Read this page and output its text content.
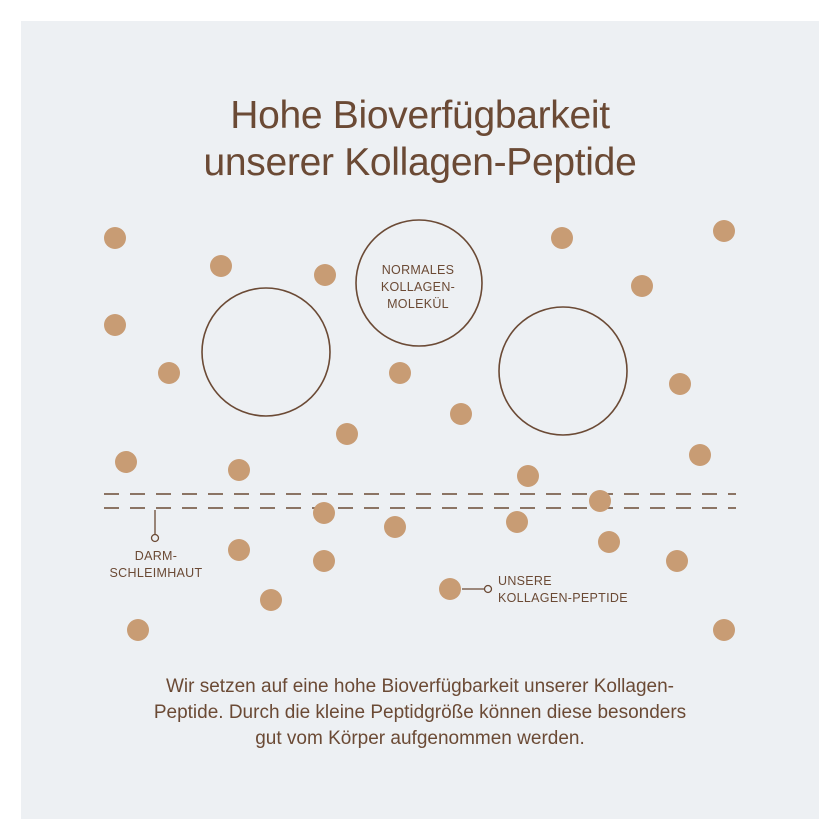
Hohe Bioverfügbarkeit
unserer Kollagen-Peptide
NORMALES
KOLLAGEN-
MOLEKÜL
DARM-
SCHLEIMHAUT
UNSERE
KOLLAGEN-PEPTIDE
Wir setzen auf eine hohe Bioverfügbarkeit unserer Kollagen-
Peptide. Durch die kleine Peptidgröße können diese besonders
gut vom Körper aufgenommen werden.
